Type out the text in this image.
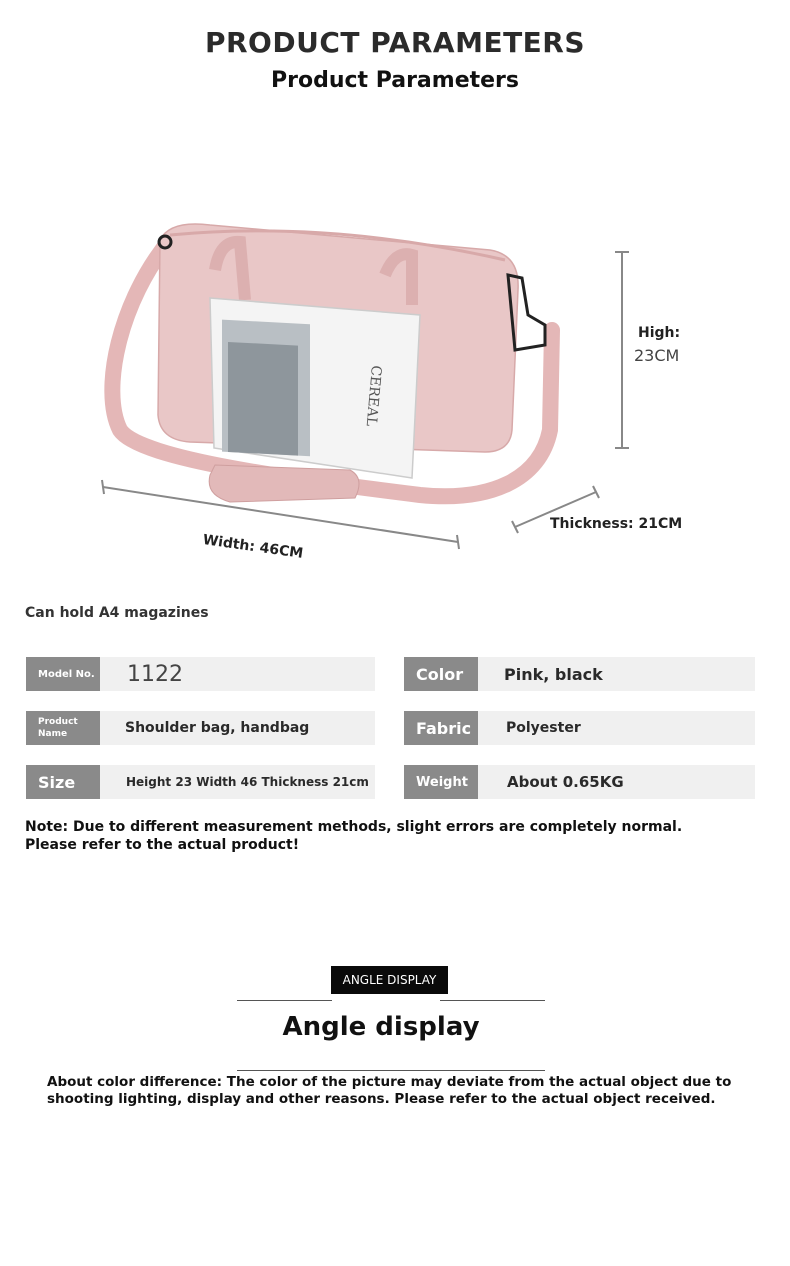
PRODUCT PARAMETERS
Product Parameters
CEREAL
High:
23CM
Width: 46CM
Thickness: 21CM
Can hold A4 magazines
Model No. 1122	Color	Pink, black
Product Name	Shoulder bag, handbag	Fabric	Polyester
Size	Height 23 Width 46 Thickness 21cm	Weight	About 0.65KG
Note: Due to different measurement methods, slight errors are completely normal.
Please refer to the actual product!
ANGLE DISPLAY
Angle display
About color difference: The color of the picture may deviate from the actual object due to shooting lighting, display and other reasons. Please refer to the actual object received.
